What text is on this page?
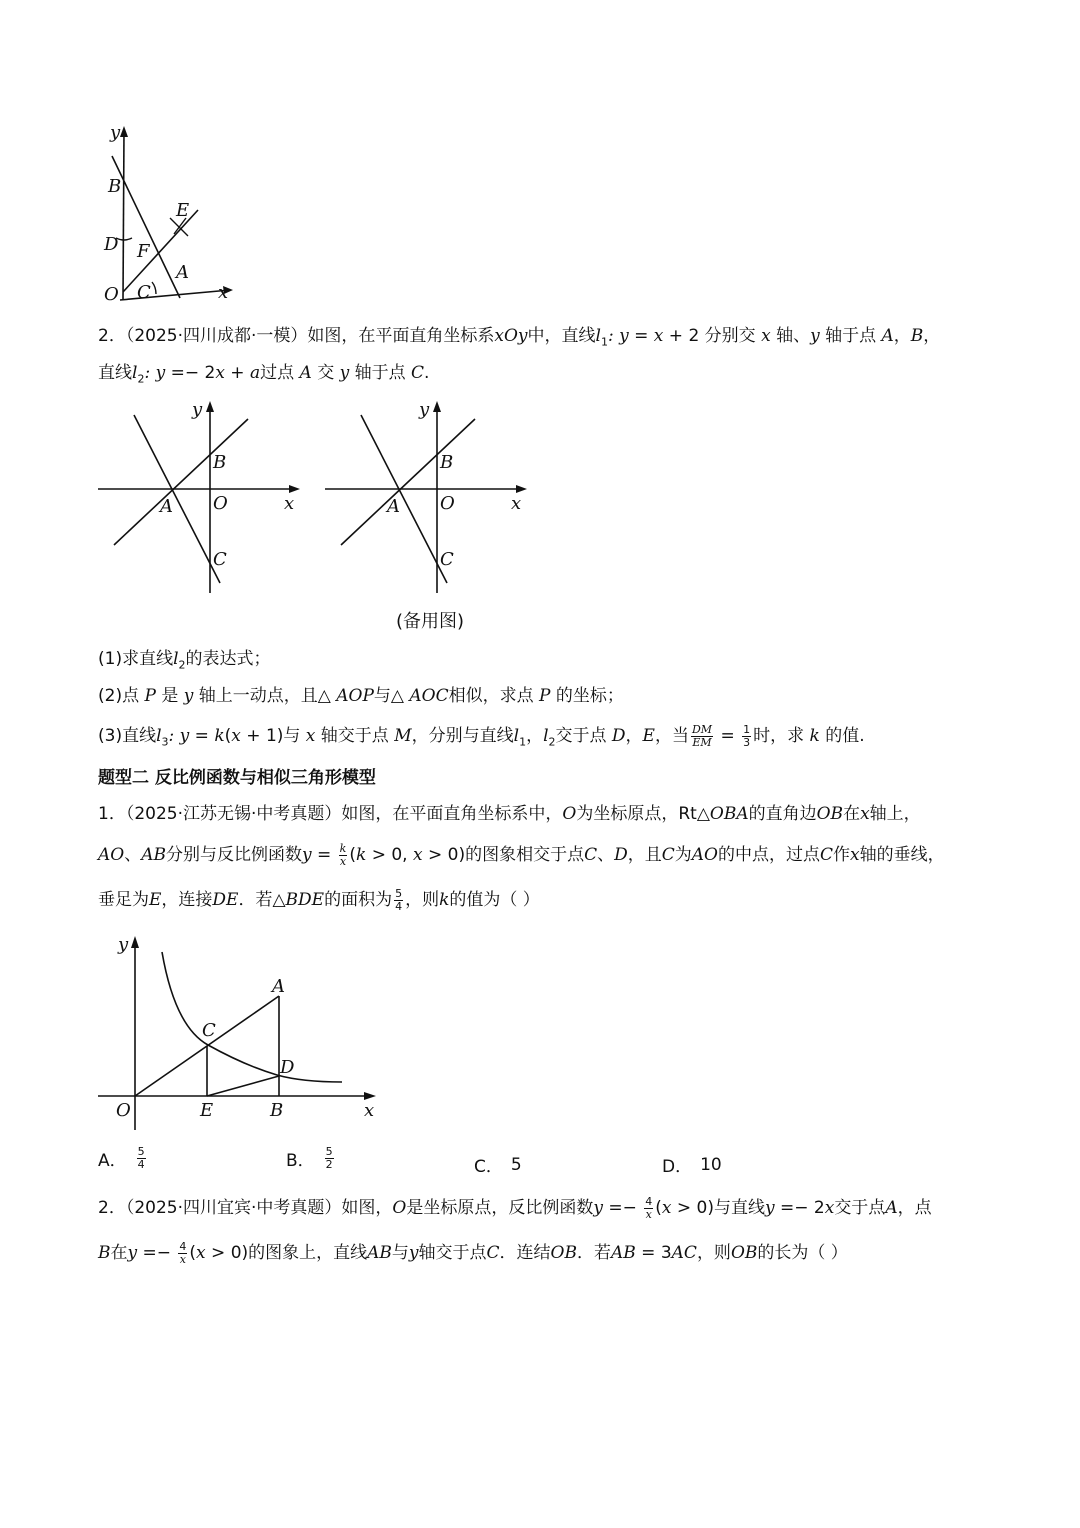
y
B
E
D F
A
O C	x
2．（2025·四川成都·一模）如图，在平面直角坐标系xOy中，直线$l_1$: y = x + 2 分别交 x 轴、y 轴于点 A，B，
直线$l_2$: y =− 2x + a过点 A 交 y 轴于点 C.
y
B
A O	x
C
y
B
A O	x
C
(备用图)
(1)求直线$l_2$的表达式；
(2)点 P 是 y 轴上一动点，且△ AOP与△ AOC相似，求点 P 的坐标；
(3)直线$l_3$: y = k(x + 1)与 x 轴交于点 M，分别与直线$l_1$，$l_2$交于点 D，E，当 $\frac{DM}{EM} = \frac{1}{3}$ 时，求 k 的值.
题型二 反比例函数与相似三角形模型
1．（2025·江苏无锡·中考真题）如图，在平面直角坐标系中，O为坐标原点，Rt△OBA的直角边OB在x轴上，
AO、AB分别与反比例函数$y = \frac{k}{x} (k > 0$, x > 0)的图象相交于点C、D，且C为AO的中点，过点C作x轴的垂线，
垂足为E，连接DE．若△BDE的面积为 $\frac{5}{4}$ ，则k的值为（ ）
y
A
C
D
O	E	B	x
A． $\frac{5}{4}$	B． $\frac{5}{2}$	C． 5	D． 10
2．（2025·四川宜宾·中考真题）如图，O是坐标原点，反比例函数$y =- \frac{4}{x} (x > 0)$与直线y =− 2x交于点A，点
B在$y =- \frac{4}{x} (x > 0)$的图象上，直线AB与y轴交于点C．连结OB．若AB = 3AC，则OB的长为（ ）
